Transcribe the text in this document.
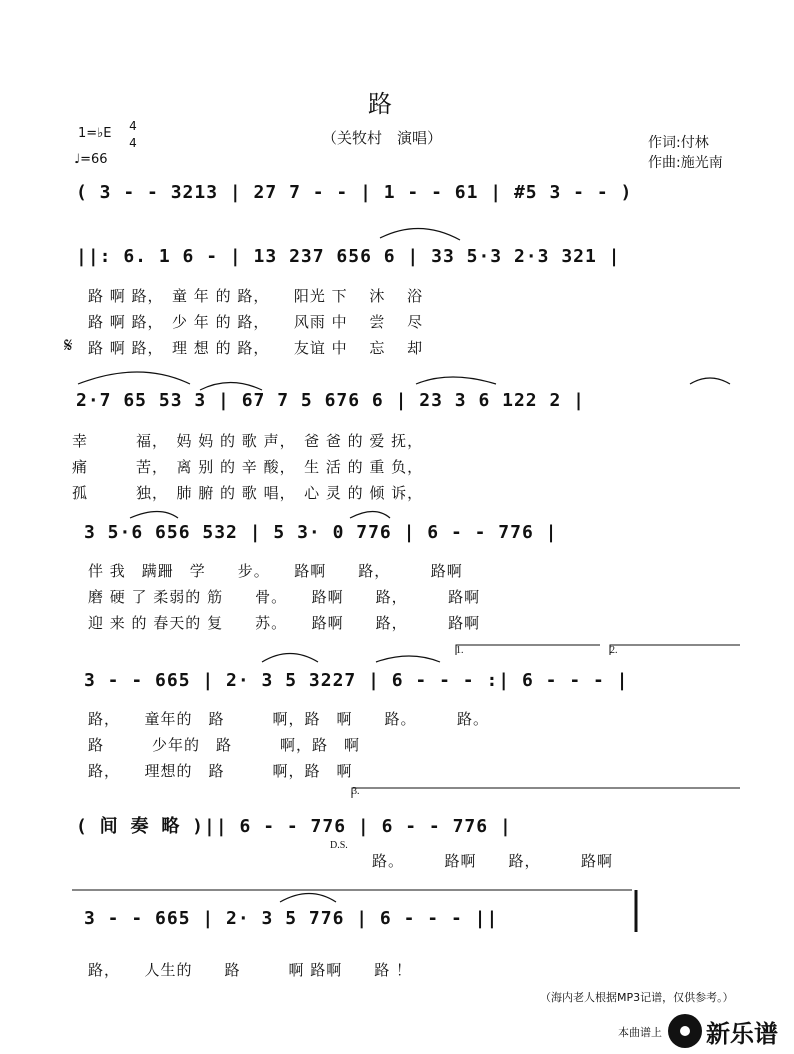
路
（关牧村　演唱）	作词:付林
作曲:施光南
1=♭E 4
4
♩=66
( 3 - - 3213 | 27 7 - - | 1 - - 61 | #5 3 - - )
||: 6. 1 6 - | 13 237 656 6 | 33 5·3 2·3 321 |
路 啊 路，　童 年 的 路，　　阳光 下 　沐 　浴
路 啊 路，　少 年 的 路，　　风雨 中 　尝 　尽
路 啊 路，　理 想 的 路，　　友谊 中 　忘 　却
𝄋
2·7 65 53 3 | 67 7 5 676 6 | 23 3 6 122 2 |
幸　　　福，　妈 妈 的 歌 声，　爸 爸 的 爱 抚，
痛　　　苦，　离 别 的 辛 酸，　生 活 的 重 负，
孤　　　独，　肺 腑 的 歌 唱，　心 灵 的 倾 诉，
3 5·6 656 532 | 5 3· 0 776 | 6 - - 776 |
伴 我　蹒跚　学　　步。　　路啊　　路，　　　路啊
磨 硬 了 柔弱的 筋　　骨。　　路啊　　路，　　　路啊
迎 来 的 春天的 复　　苏。　　路啊　　路，　　　路啊
1.	2.
3 - - 665 | 2· 3 5 3227 | 6 - - - :| 6 - - - |
路，　　童年的　路　　　啊，路　啊　　路。　　　路。
路　　　少年的　路　　　啊，路　啊
路，　　理想的　路　　　啊，路　啊
3.
( 间 奏 略 )|| 6 - - 776 | 6 - - 776 |
D.S.
路。　　　路啊　　路，　　　路啊
3 - - 665 | 2· 3 5 776 | 6 - - - ||
路，　　人生的　　路　　　啊 路啊　　路 ！
（海内老人根据MP3记谱，仅供参考。）
本曲谱上 新乐谱
